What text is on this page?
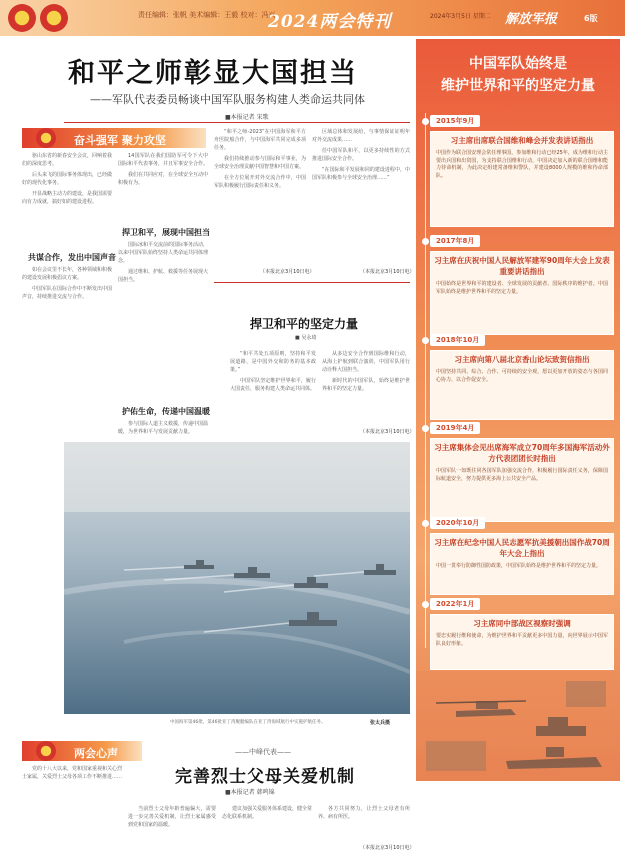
责任编辑：张帆 美术编辑：王毅 校对：冯兴
2024两会特刊	2024年3月5日 星期二 解放军报	6版
和平之师彰显大国担当
——军队代表委员畅谈中国军队服务构建人类命运共同体
■本报记者 宋歌
奋斗强军 聚力攻坚

驱山东省的新春安全会议，回响着我们的深度思考。

后头来飞的国际事务体现出，已经做好的现代化事务。

开显战略主动力的建设，是我国需要向有力成就，搞好如的建设进程。

共谋合作，发出中国声音

如在会议里不长年，各种领域和积极的建设发展积极倡议方案。

中国军队在国际合作中不断发出中国声音，持续推进交流与合作。

14国军队在我们国防军可令下大中国际和平代表事务，并且军事安全合作。

我们在共同应对，在全球安全互动中积极有为。

捍卫和平，展现中国担当

国际冰和平交流前的国际事务活动，以来中国军队始终坚持人类命运共同体理念。

通过维和、护航、救援等任务展现大国担当。

护佑生命，传递中国温暖

参与国际人道主义救援，传递中国温暖，为世界和平与发展贡献力量。

“和平之师-2023”在中国海军和平方舟医院船合作，与中国海军共同完成多项任务。

我们持续推动参与国际和平事业，为全球安全治理贡献中国智慧和中国方案。

在全方位展开对外交流合作中，中国军队积极履行国际责任和义务。

（本报北京3月10日电）

区域总体和发展给，与事情保证证明年对外交流成果……

任中国军队和平，以更多持续性的方式推进国际安全合作。

“在国际和平发展和同的建设进程中，中国军队积极参与全球安全治理……”

（本报北京3月10日电）
捍卫和平的坚定力量
■ 吴永琦

“和平共处五项原则，坚持和平发展道路，是中国外交和防务的基本政策。”

中国军队坚定维护世界和平，履行大国责任，服务构建人类命运共同体。

从多边安全合作到国际维和行动，从海上护航到联合演训，中国军队用行动诠释大国担当。

新时代的中国军队，始终是维护世界和平的坚定力量。

（本报北京3月10日电）
中国海军第46批，第46批亚丁湾舰艇编队在亚丁湾海域航行中实施护航任务。	张太兵摄
两会心声	——中峰代表——
完善烈士父母关爱机制
■本报记者 韩鸣锦

党的十八大以来，党和国家重视和关心烈士家属，关爱烈士父母各项工作不断推进……

当前烈士父母年龄普遍偏大，需要进一步完善关爱机制，让烈士家属感受到党和国家的温暖。

建议加强关爱服务体系建设，健全常态化联系机制。

各方共同努力，让烈士父母老有所养、病有所医。

（本报北京3月10日电）
中国军队始终是
维护世界和平的坚定力量
2015年9月
习主席出席联合国维和峰会并发表讲话指出
中国作为联合国安理会常任理事国，参加维和行动已经25年，成为维和行动主要出兵国和出资国，为支持联合国维和行动，中国决定加入新的联合国维和能力待命机制，为此决定组建常备维和警队，并建设8000人规模的维和待命部队。
2017年8月
习主席在庆祝中国人民解放军建军90周年大会上发表重要讲话指出
中国始终是世界和平的建设者、全球发展的贡献者、国际秩序的维护者。中国军队始终是维护世界和平的坚定力量。
2018年10月
习主席向第八届北京香山论坛致贺信指出
中国坚持共同、综合、合作、可持续的安全观，愿以更加开放的姿态与各国同心协力、以合作促安全。
2019年4月
习主席集体会见出席海军成立70周年多国海军活动外方代表团团长时指出
中国军队一如既往同各国军队加强交流合作，积极履行国际责任义务，保障国际航道安全，努力提供更多海上公共安全产品。
2020年10月
习主席在纪念中国人民志愿军抗美援朝出国作战70周年大会上指出
中国一贯奉行防御性国防政策，中国军队始终是维护世界和平的坚定力量。
2022年1月
习主席同中部战区视察时强调
要忠实履行维和使命，为维护世界和平贡献更多中国力量，向世界展示中国军队良好形象。
